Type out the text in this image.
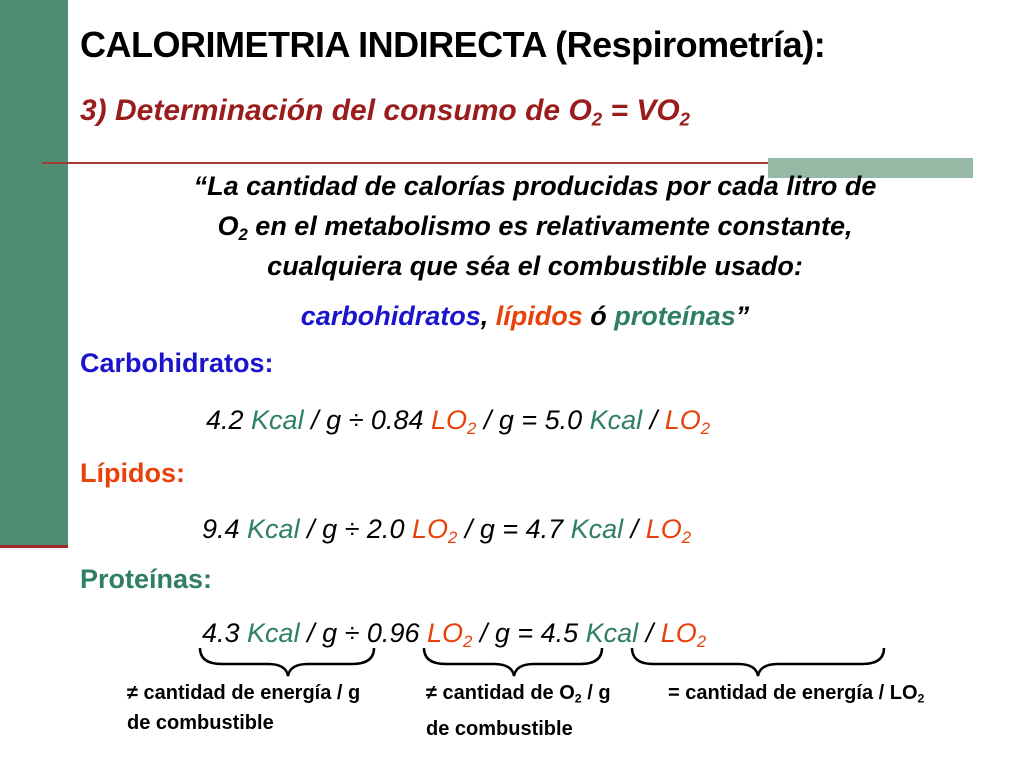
CALORIMETRIA INDIRECTA (Respirometría):
3) Determinación del consumo de $O_2 = VO_2$
“La cantidad de calorías producidas por cada litro de
$O_2$ en el metabolismo es relativamente constante,
cualquiera que séa el combustible usado:
carbohidratos, lípidos ó proteínas”
Carbohidratos:
4.2 Kcal / g ÷ 0.84 $LO_2 / g = 5.0$ Kcal / $LO_2$
Lípidos:
9.4 Kcal / g ÷ 2.0 $LO_2 / g = 4.7$ Kcal / $LO_2$
Proteínas:
4.3 Kcal / g ÷ 0.96 $LO_2 / g = 4.5$ Kcal / $LO_2$
≠ cantidad de energía / g
de combustible
≠ cantidad de $O_2$ / g
de combustible
= cantidad de energía / $LO_2$
